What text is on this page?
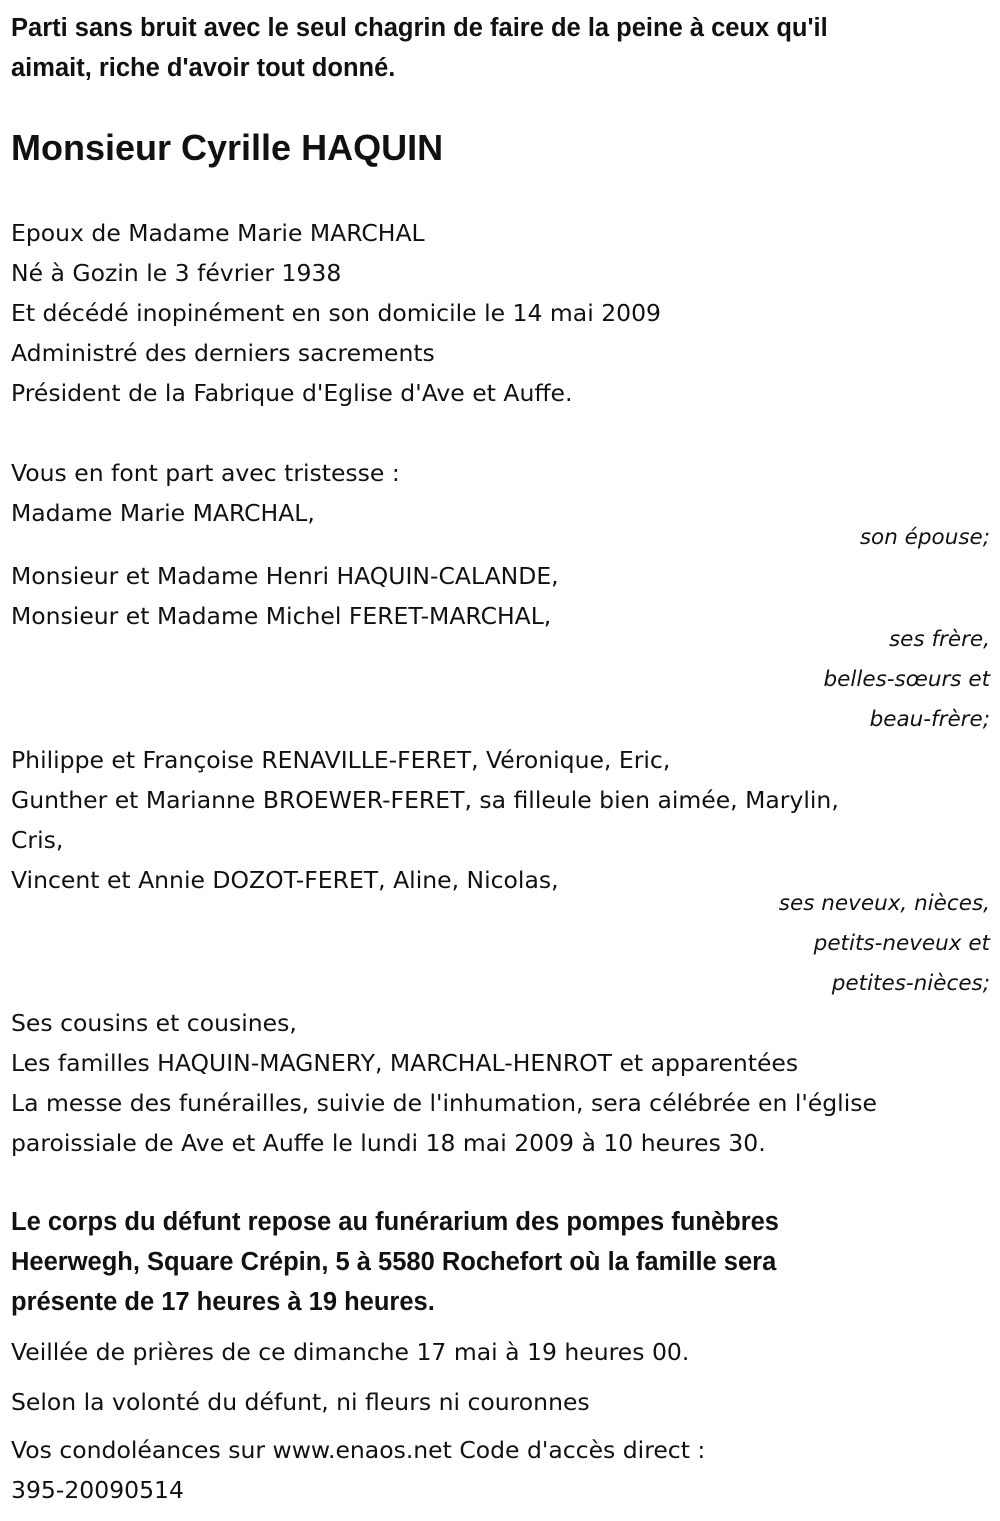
Parti sans bruit avec le seul chagrin de faire de la peine à ceux qu'il
aimait, riche d'avoir tout donné.
Monsieur Cyrille HAQUIN
Epoux de Madame Marie MARCHAL
Né à Gozin le 3 février 1938
Et décédé inopinément en son domicile le 14 mai 2009
Administré des derniers sacrements
Président de la Fabrique d'Eglise d'Ave et Auffe.
Vous en font part avec tristesse :
Madame Marie MARCHAL,
son épouse;
Monsieur et Madame Henri HAQUIN-CALANDE,
Monsieur et Madame Michel FERET-MARCHAL,
ses frère,
belles-sœurs et
beau-frère;
Philippe et Françoise RENAVILLE-FERET, Véronique, Eric,
Gunther et Marianne BROEWER-FERET, sa filleule bien aimée, Marylin,
Cris,
Vincent et Annie DOZOT-FERET, Aline, Nicolas,
ses neveux, nièces,
petits-neveux et
petites-nièces;
Ses cousins et cousines,
Les familles HAQUIN-MAGNERY, MARCHAL-HENROT et apparentées
La messe des funérailles, suivie de l'inhumation, sera célébrée en l'église
paroissiale de Ave et Auffe le lundi 18 mai 2009 à 10 heures 30.
Le corps du défunt repose au funérarium des pompes funèbres
Heerwegh, Square Crépin, 5 à 5580 Rochefort où la famille sera
présente de 17 heures à 19 heures.
Veillée de prières de ce dimanche 17 mai à 19 heures 00.
Selon la volonté du défunt, ni fleurs ni couronnes
Vos condoléances sur www.enaos.net Code d'accès direct :
395-20090514
